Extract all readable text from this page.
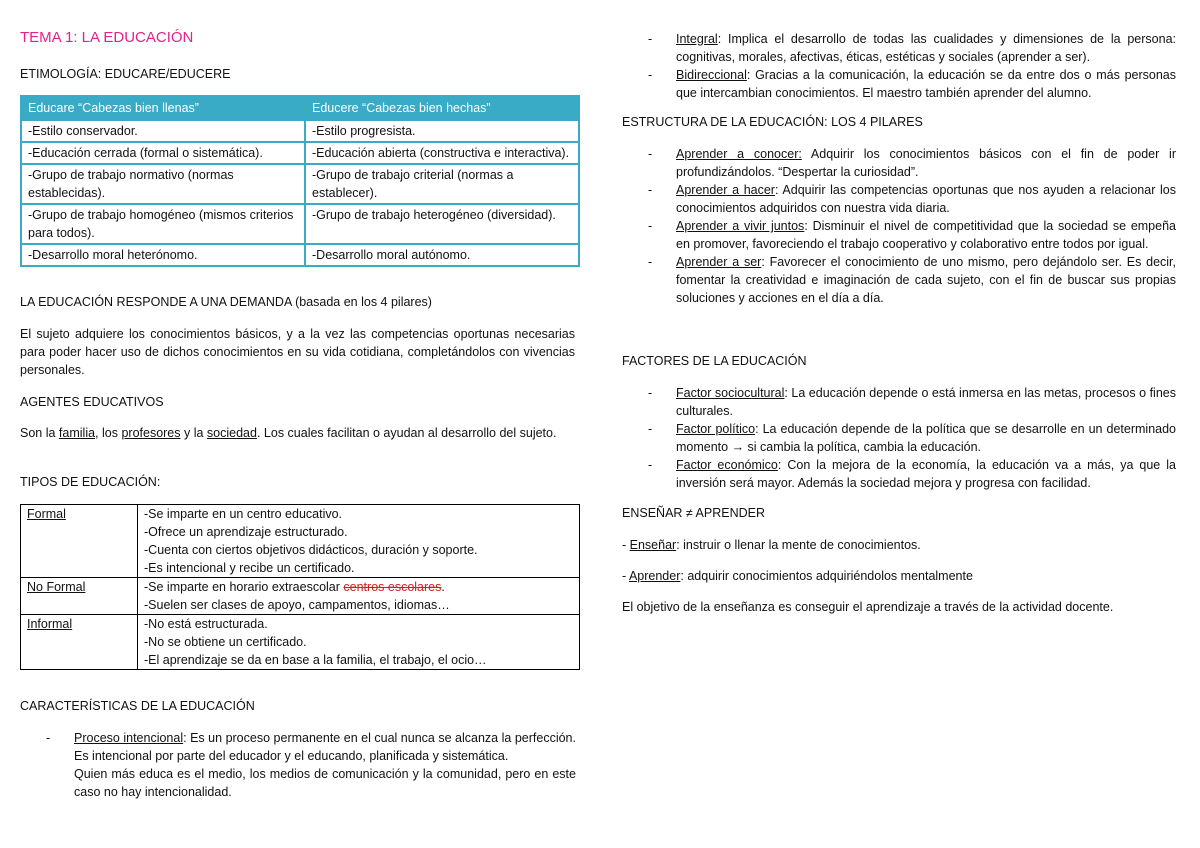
TEMA 1: LA EDUCACIÓN
ETIMOLOGÍA: EDUCARE/EDUCERE
Educare “Cabezas bien llenas”	Educere “Cabezas bien hechas”
-Estilo conservador.	-Estilo progresista.
-Educación cerrada (formal o sistemática).	-Educación abierta (constructiva e interactiva).
-Grupo de trabajo normativo (normas establecidas).	-Grupo de trabajo criterial (normas a establecer).
-Grupo de trabajo homogéneo (mismos criterios para todos).	-Grupo de trabajo heterogéneo (diversidad).
-Desarrollo moral heterónomo.	-Desarrollo moral autónomo.
LA EDUCACIÓN RESPONDE A UNA DEMANDA (basada en los 4 pilares)

El sujeto adquiere los conocimientos básicos, y a la vez las competencias oportunas necesarias para poder hacer uso de dichos conocimientos en su vida cotidiana, completándolos con vivencias personales.

AGENTES EDUCATIVOS

Son la familia, los profesores y la sociedad. Los cuales facilitan o ayudan al desarrollo del sujeto.

TIPOS DE EDUCACIÓN:
Formal	-Se imparte en un centro educativo.
-Ofrece un aprendizaje estructurado.
-Cuenta con ciertos objetivos didácticos, duración y soporte.
-Es intencional y recibe un certificado.

No Formal	-Se imparte en horario extraescolar centros escolares.
-Suelen ser clases de apoyo, campamentos, idiomas…

Informal	-No está estructurada.
-No se obtiene un certificado.
-El aprendizaje se da en base a la familia, el trabajo, el ocio…
CARACTERÍSTICAS DE LA EDUCACIÓN
- Proceso intencional: Es un proceso permanente en el cual nunca se alcanza la perfección. Es intencional por parte del educador y el educando, planificada y sistemática.
Quien más educa es el medio, los medios de comunicación y la comunidad, pero en este caso no hay intencionalidad.
- Integral: Implica el desarrollo de todas las cualidades y dimensiones de la persona: cognitivas, morales, afectivas, éticas, estéticas y sociales (aprender a ser).
- Bidireccional: Gracias a la comunicación, la educación se da entre dos o más personas que intercambian conocimientos. El maestro también aprender del alumno.
ESTRUCTURA DE LA EDUCACIÓN: LOS 4 PILARES
- Aprender a conocer: Adquirir los conocimientos básicos con el fin de poder ir profundizándolos. “Despertar la curiosidad”.
- Aprender a hacer: Adquirir las competencias oportunas que nos ayuden a relacionar los conocimientos adquiridos con nuestra vida diaria.
- Aprender a vivir juntos: Disminuir el nivel de competitividad que la sociedad se empeña en promover, favoreciendo el trabajo cooperativo y colaborativo entre todos por igual.
- Aprender a ser: Favorecer el conocimiento de uno mismo, pero dejándolo ser. Es decir, fomentar la creatividad e imaginación de cada sujeto, con el fin de buscar sus propias soluciones y acciones en el día a día.
FACTORES DE LA EDUCACIÓN
- Factor sociocultural: La educación depende o está inmersa en las metas, procesos o fines culturales.
- Factor político: La educación depende de la política que se desarrolle en un determinado momento → si cambia la política, cambia la educación.
- Factor económico: Con la mejora de la economía, la educación va a más, ya que la inversión será mayor. Además la sociedad mejora y progresa con facilidad.
ENSEÑAR ≠ APRENDER
- Enseñar: instruir o llenar la mente de conocimientos.
- Aprender: adquirir conocimientos adquiriéndolos mentalmente
El objetivo de la enseñanza es conseguir el aprendizaje a través de la actividad docente.
